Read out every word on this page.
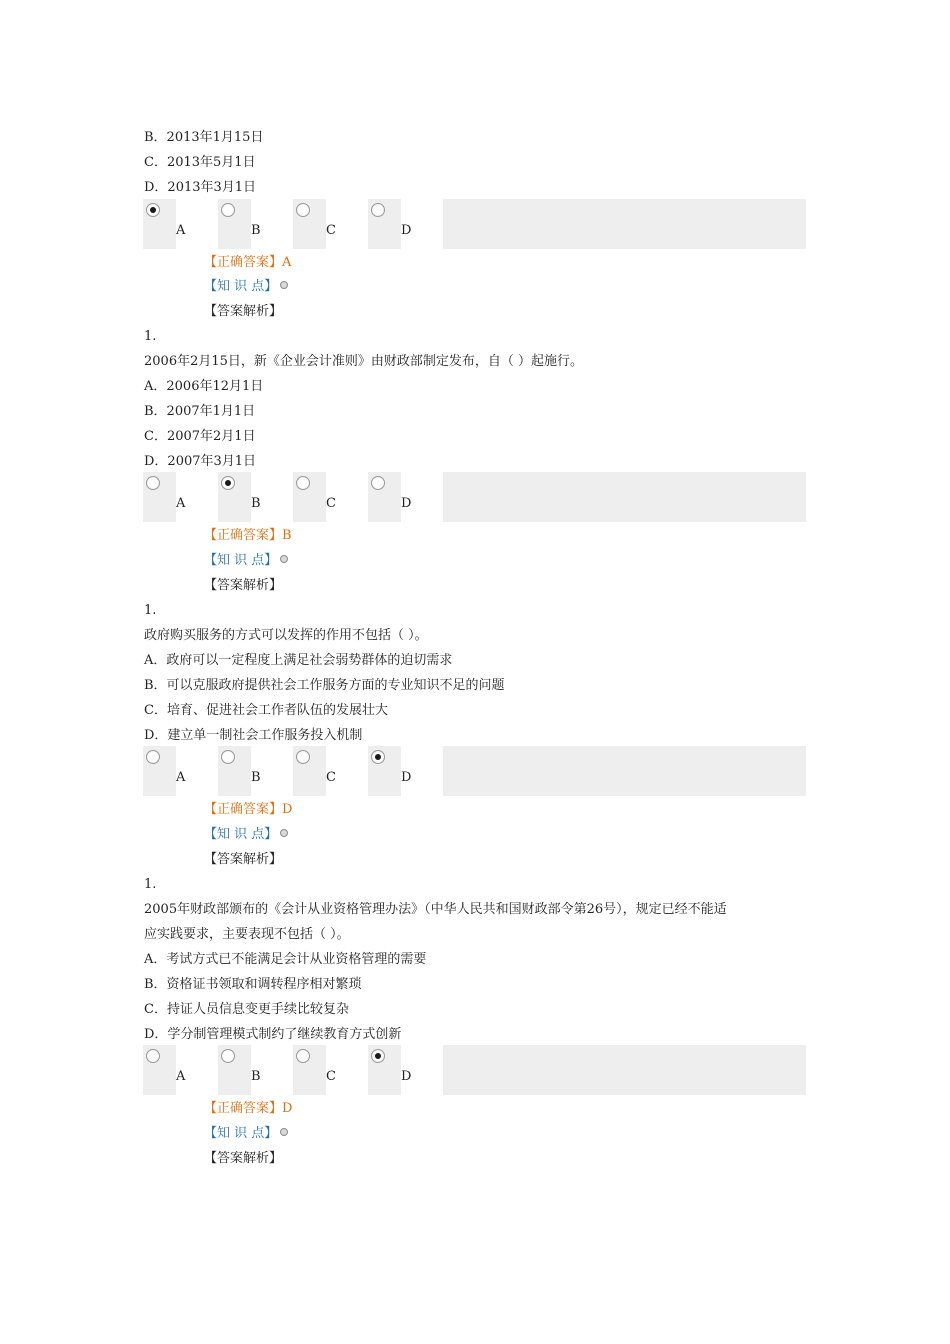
B．2013年1月15日
C．2013年5月1日
D．2013年3月1日
A	B	C	D
【正确答案】A
【知 识 点】
【答案解析】
1.
2006年2月15日，新《企业会计准则》由财政部制定发布，自（ ）起施行。
A．2006年12月1日
B．2007年1月1日
C．2007年2月1日
D．2007年3月1日
A	B	C	D
【正确答案】B
【知 识 点】
【答案解析】
1.
政府购买服务的方式可以发挥的作用不包括（ ）。
A．政府可以一定程度上满足社会弱势群体的迫切需求
B．可以克服政府提供社会工作服务方面的专业知识不足的问题
C．培育、促进社会工作者队伍的发展壮大
D．建立单一制社会工作服务投入机制
A	B	C	D
【正确答案】D
【知 识 点】
【答案解析】
1.
2005年财政部颁布的《会计从业资格管理办法》（中华人民共和国财政部令第26号），规定已经不能适
应实践要求，主要表现不包括（ ）。
A．考试方式已不能满足会计从业资格管理的需要
B．资格证书领取和调转程序相对繁琐
C．持证人员信息变更手续比较复杂
D．学分制管理模式制约了继续教育方式创新
A	B	C	D
【正确答案】D
【知 识 点】
【答案解析】
